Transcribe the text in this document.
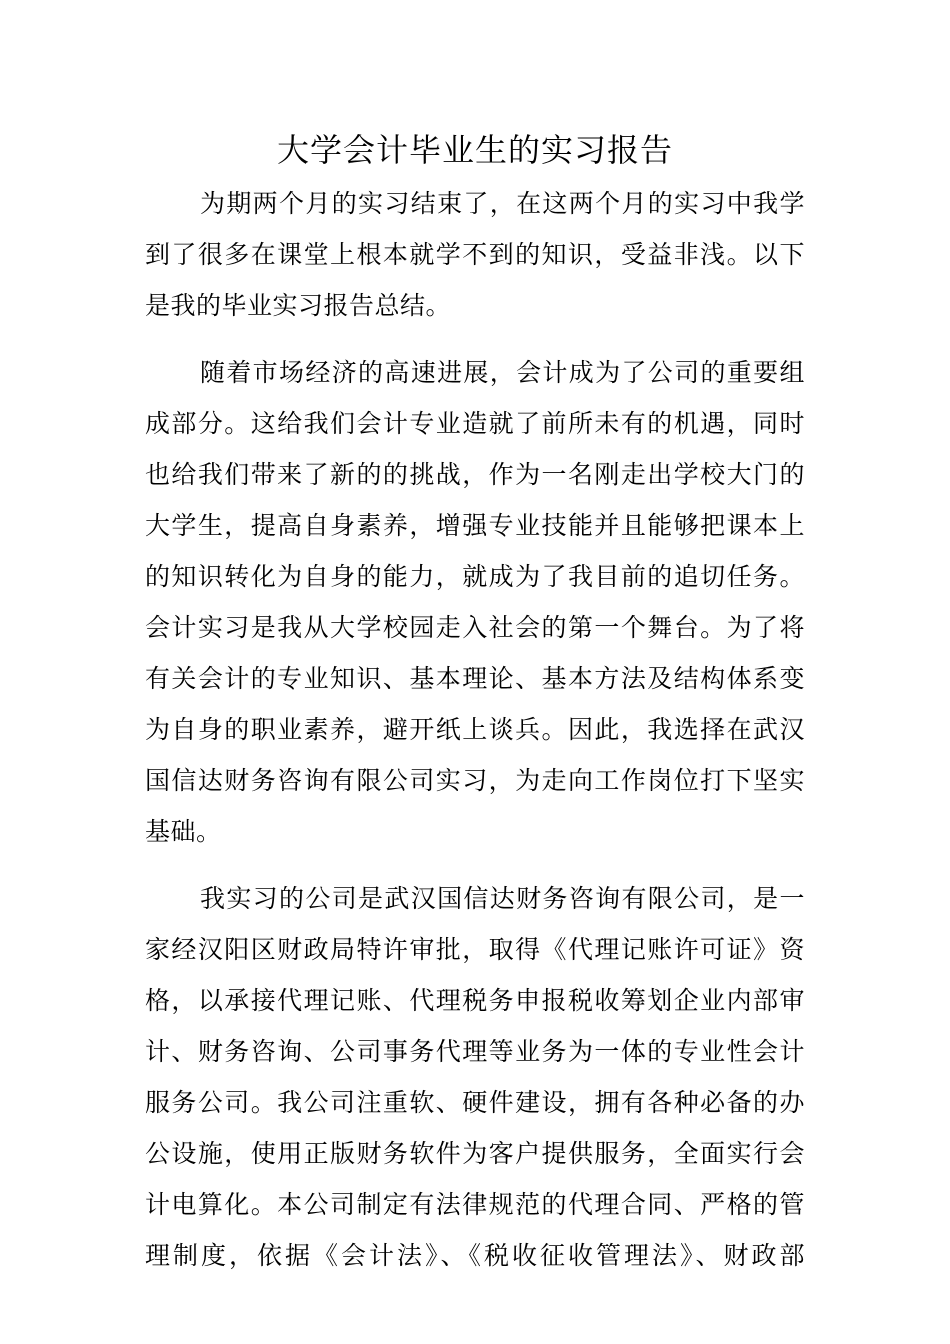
大学会计毕业生的实习报告
为期两个月的实习结束了，在这两个月的实习中我学
到了很多在课堂上根本就学不到的知识，受益非浅。以下
是我的毕业实习报告总结。
随着市场经济的高速进展，会计成为了公司的重要组
成部分。这给我们会计专业造就了前所未有的机遇，同时
也给我们带来了新的的挑战，作为一名刚走出学校大门的
大学生，提高自身素养，增强专业技能并且能够把课本上
的知识转化为自身的能力，就成为了我目前的追切任务。
会计实习是我从大学校园走入社会的第一个舞台。为了将
有关会计的专业知识、基本理论、基本方法及结构体系变
为自身的职业素养，避开纸上谈兵。因此，我选择在武汉
国信达财务咨询有限公司实习，为走向工作岗位打下坚实
基础。
我实习的公司是武汉国信达财务咨询有限公司，是一
家经汉阳区财政局特许审批，取得《代理记账许可证》资
格，以承接代理记账、代理税务申报税收筹划企业内部审
计、财务咨询、公司事务代理等业务为一体的专业性会计
服务公司。我公司注重软、硬件建设，拥有各种必备的办
公设施，使用正版财务软件为客户提供服务，全面实行会
计电算化。本公司制定有法律规范的代理合同、严格的管
理制度，依据《会计法》、《税收征收管理法》、财政部
